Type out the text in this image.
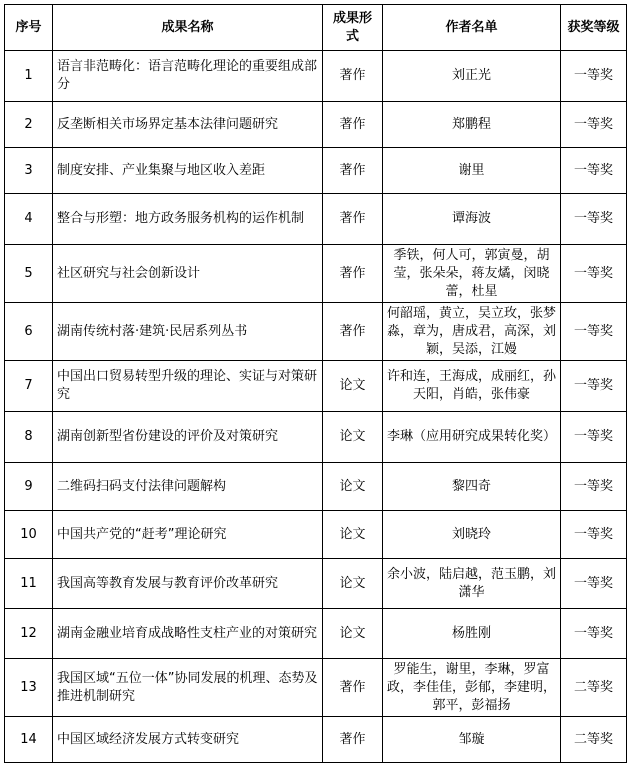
序号	成果名称	成果形式	作者名单	获奖等级
1	语言非范畴化：语言范畴化理论的重要组成部分	著作	刘正光	一等奖
2	反垄断相关市场界定基本法律问题研究	著作	郑鹏程	一等奖
3	制度安排、产业集聚与地区收入差距	著作	谢里	一等奖
4	整合与形塑：地方政务服务机构的运作机制	著作	谭海波	一等奖
5	社区研究与社会创新设计	著作	季铁，何人可，郭寅曼，胡莹，张朵朵，蒋友燏，闵晓蕾，杜星	一等奖
6	湖南传统村落·建筑·民居系列丛书	著作	何韶瑶，黄立，吴立玫，张梦淼，章为，唐成君，高深，刘颖，吴添，江嫚	一等奖
7	中国出口贸易转型升级的理论、实证与对策研究	论文	许和连，王海成，成丽红，孙天阳，肖皓，张伟豪	一等奖
8	湖南创新型省份建设的评价及对策研究	论文	李琳（应用研究成果转化奖）	一等奖
9	二维码扫码支付法律问题解构	论文	黎四奇	一等奖
10	中国共产党的“赶考”理论研究	论文	刘晓玲	一等奖
11	我国高等教育发展与教育评价改革研究	论文	余小波，陆启越，范玉鹏，刘潇华	一等奖
12	湖南金融业培育成战略性支柱产业的对策研究	论文	杨胜刚	一等奖
13	我国区域“五位一体”协同发展的机理、态势及推进机制研究	著作	罗能生，谢里，李琳，罗富政，李佳佳，彭郁，李建明，郭平，彭福扬	二等奖
14	中国区域经济发展方式转变研究	著作	邹璇	二等奖
